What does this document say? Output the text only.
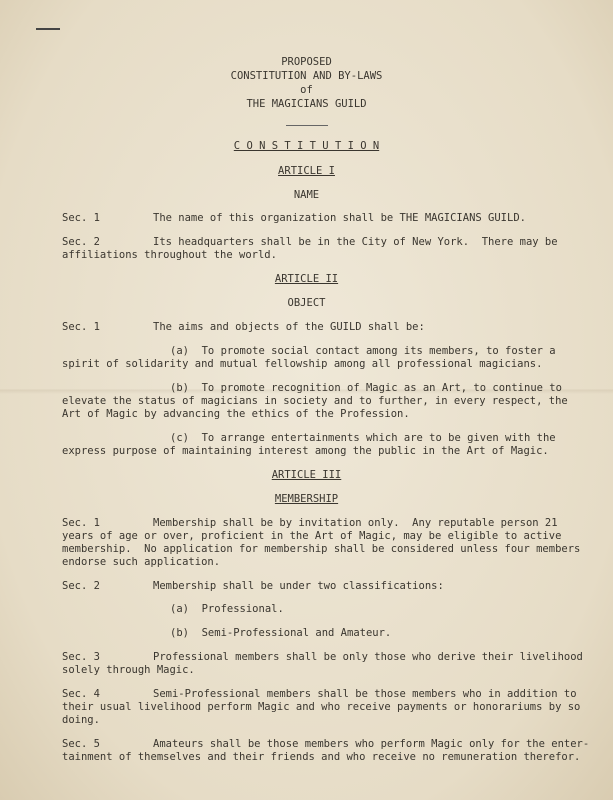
PROPOSED
CONSTITUTION AND BY-LAWS
of
THE MAGICIANS GUILD
C O N S T I T U T I O N
ARTICLE I
NAME
Sec. 1	The name of this organization shall be THE MAGICIANS GUILD.
Sec. 2	Its headquarters shall be in the City of New York.  There may be
affiliations throughout the world.
ARTICLE II
OBJECT
Sec. 1	The aims and objects of the GUILD shall be:
(a)  To promote social contact among its members, to foster a
spirit of solidarity and mutual fellowship among all professional magicians.
(b)  To promote recognition of Magic as an Art, to continue to
elevate the status of magicians in society and to further, in every respect, the
Art of Magic by advancing the ethics of the Profession.
(c)  To arrange entertainments which are to be given with the
express purpose of maintaining interest among the public in the Art of Magic.
ARTICLE III
MEMBERSHIP
Sec. 1	Membership shall be by invitation only.  Any reputable person 21
years of age or over, proficient in the Art of Magic, may be eligible to active
membership.  No application for membership shall be considered unless four members
endorse such application.
Sec. 2	Membership shall be under two classifications:
(a)  Professional.
(b)  Semi-Professional and Amateur.
Sec. 3	Professional members shall be only those who derive their livelihood
solely through Magic.
Sec. 4	Semi-Professional members shall be those members who in addition to
their usual livelihood perform Magic and who receive payments or honorariums by so
doing.
Sec. 5	Amateurs shall be those members who perform Magic only for the enter-
tainment of themselves and their friends and who receive no remuneration therefor.
